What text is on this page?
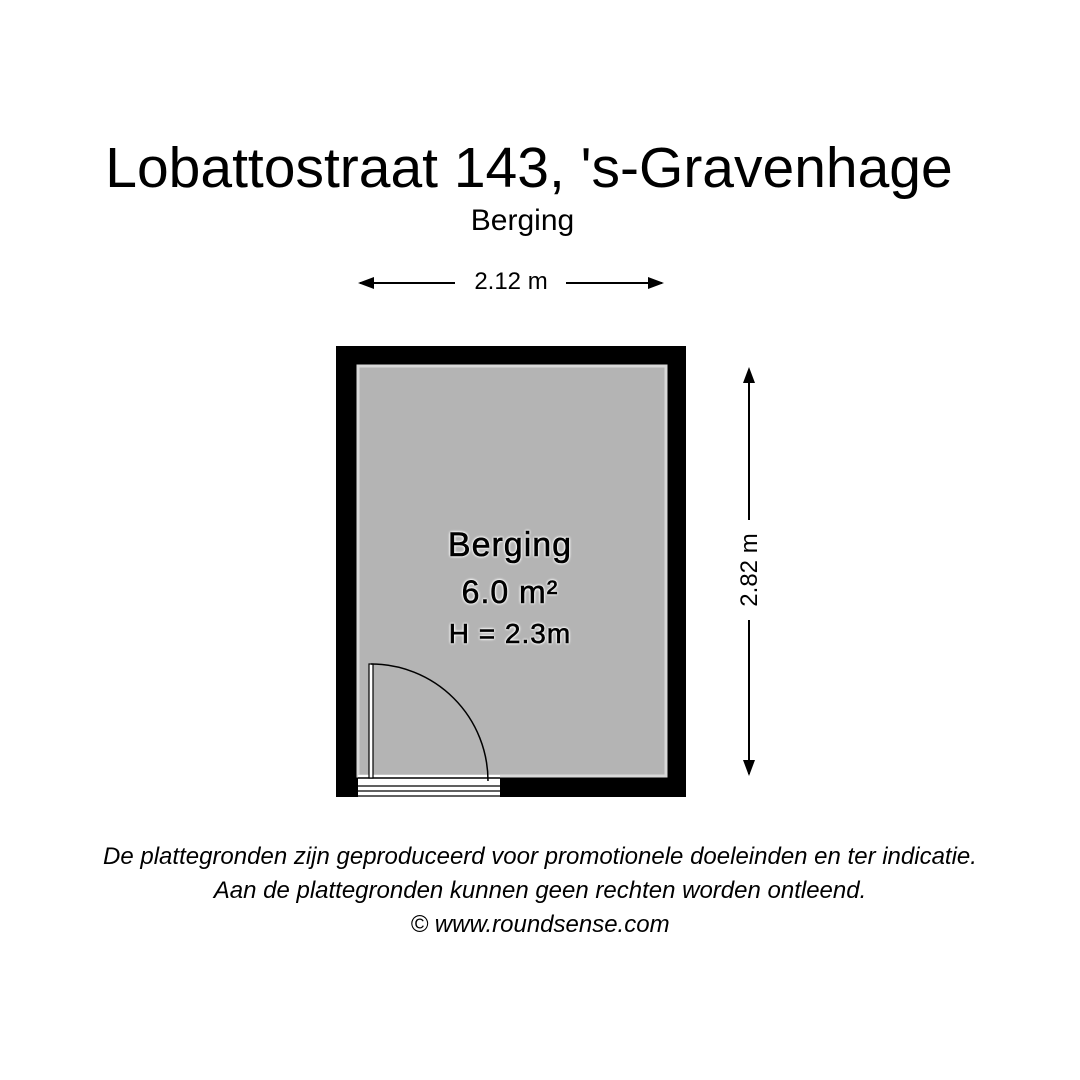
Lobattostraat 143, 's-Gravenhage
Berging
2.12 m
2.82 m
Berging
6.0 m²
H = 2.3m
De plattegronden zijn geproduceerd voor promotionele doeleinden en ter indicatie.
Aan de plattegronden kunnen geen rechten worden ontleend.
© www.roundsense.com
